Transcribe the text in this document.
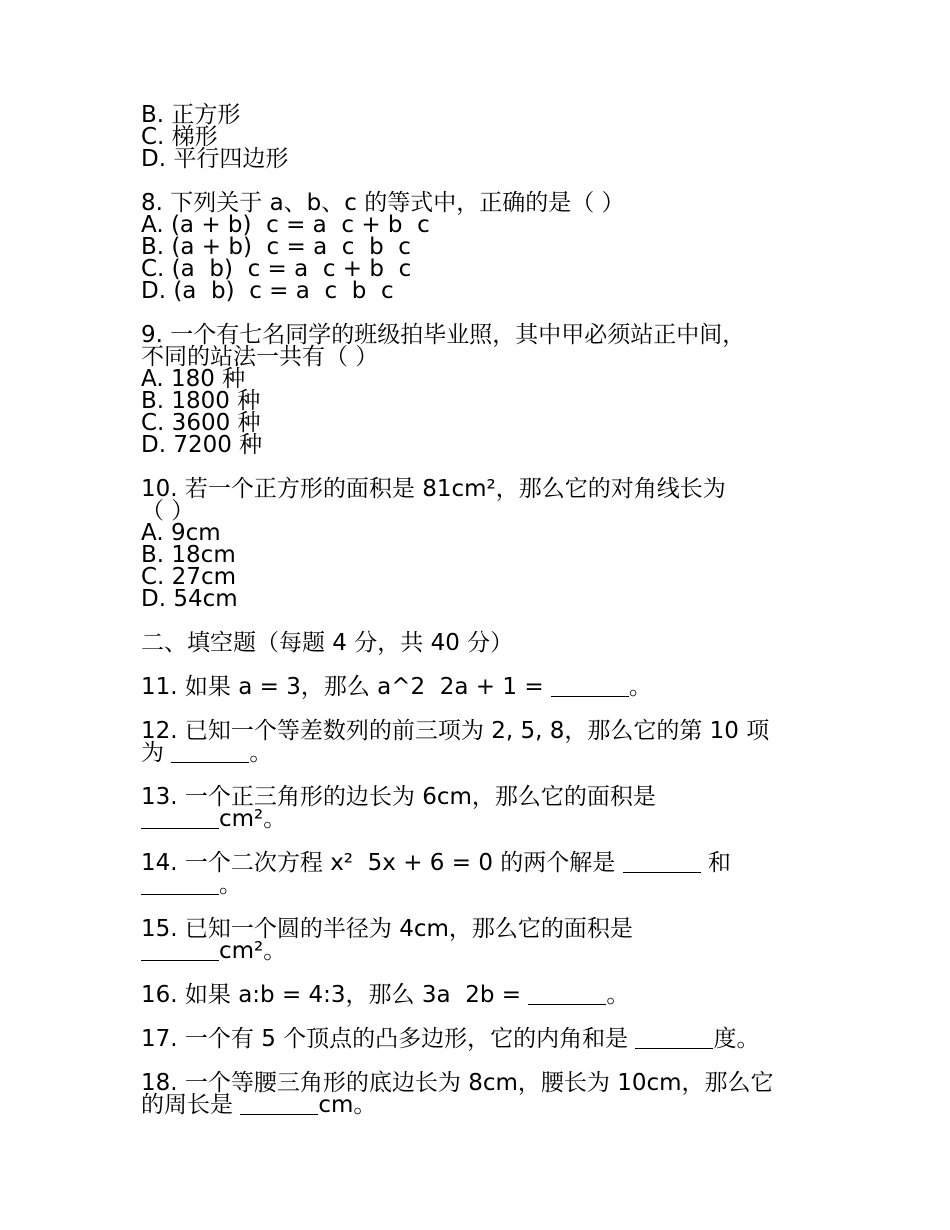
B. 正方形
C. 梯形
D. 平行四边形
8. 下列关于 a、b、c 的等式中，正确的是（ ）
A. (a + b)  c = a  c + b  c
B. (a + b)  c = a  c  b  c
C. (a  b)  c = a  c + b  c
D. (a  b)  c = a  c  b  c
9. 一个有七名同学的班级拍毕业照，其中甲必须站正中间，
不同的站法一共有（ ）
A. 180 种
B. 1800 种
C. 3600 种
D. 7200 种
10. 若一个正方形的面积是 81cm²，那么它的对角线长为
（ ）
A. 9cm
B. 18cm
C. 27cm
D. 54cm
二、填空题（每题 4 分，共 40 分）
11. 如果 a = 3，那么 a^2  2a + 1 =	。
12. 已知一个等差数列的前三项为 2, 5, 8，那么它的第 10 项
为	。
13. 一个正三角形的边长为 6cm，那么它的面积是
cm²。
14. 一个二次方程 x²  5x + 6 = 0 的两个解是	和
。
15. 已知一个圆的半径为 4cm，那么它的面积是
cm²。
16. 如果 a:b = 4:3，那么 3a  2b =	。
17. 一个有 5 个顶点的凸多边形，它的内角和是	度。
18. 一个等腰三角形的底边长为 8cm，腰长为 10cm，那么它
的周长是	cm。
